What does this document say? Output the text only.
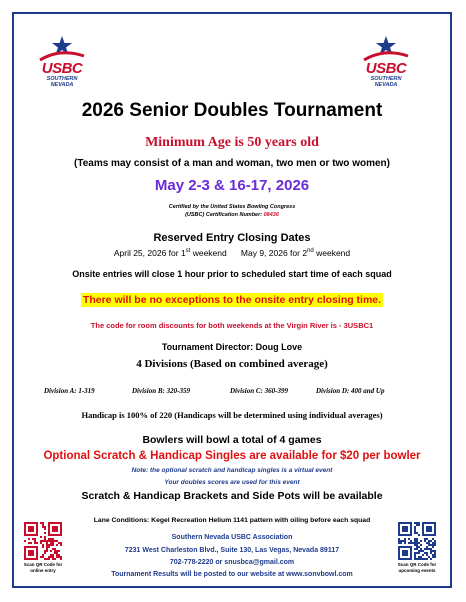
USBC
SOUTHERN NEVADA
USBC
SOUTHERN NEVADA
2026 Senior Doubles Tournament
Minimum Age is 50 years old
(Teams may consist of a man and woman, two men or two women)
May 2-3 & 16-17, 2026
Certified by the United States Bowling Congress
(USBC) Certification Number: 08436
Reserved Entry Closing Dates
April 25, 2026 for 1st weekend May 9, 2026 for 2nd weekend
Onsite entries will close 1 hour prior to scheduled start time of each squad
There will be no exceptions to the onsite entry closing time.
The code for room discounts for both weekends at the Virgin River is - 3USBC1
Tournament Director: Doug Love
4 Divisions (Based on combined average)
Division A: 1-319	Division B: 320-359	Division C: 360-399	Division D: 400 and Up
Handicap is 100% of 220 (Handicaps will be determined using individual averages)
Bowlers will bowl a total of 4 games
Optional Scratch & Handicap Singles are available for $20 per bowler
Note: the optional scratch and handicap singles is a virtual event
Your doubles scores are used for this event
Scratch & Handicap Brackets and Side Pots will be available
Lane Conditions: Kegel Recreation Helium 1141 pattern with oiling before each squad
Southern Nevada USBC Association
7231 West Charleston Blvd., Suite 130, Las Vegas, Nevada 89117
702-778-2220 or snusbca@gmail.com
Tournament Results will be posted to our website at www.sonvbowl.com
Scan QR Code for
online entry
Scan QR Code for
upcoming events
